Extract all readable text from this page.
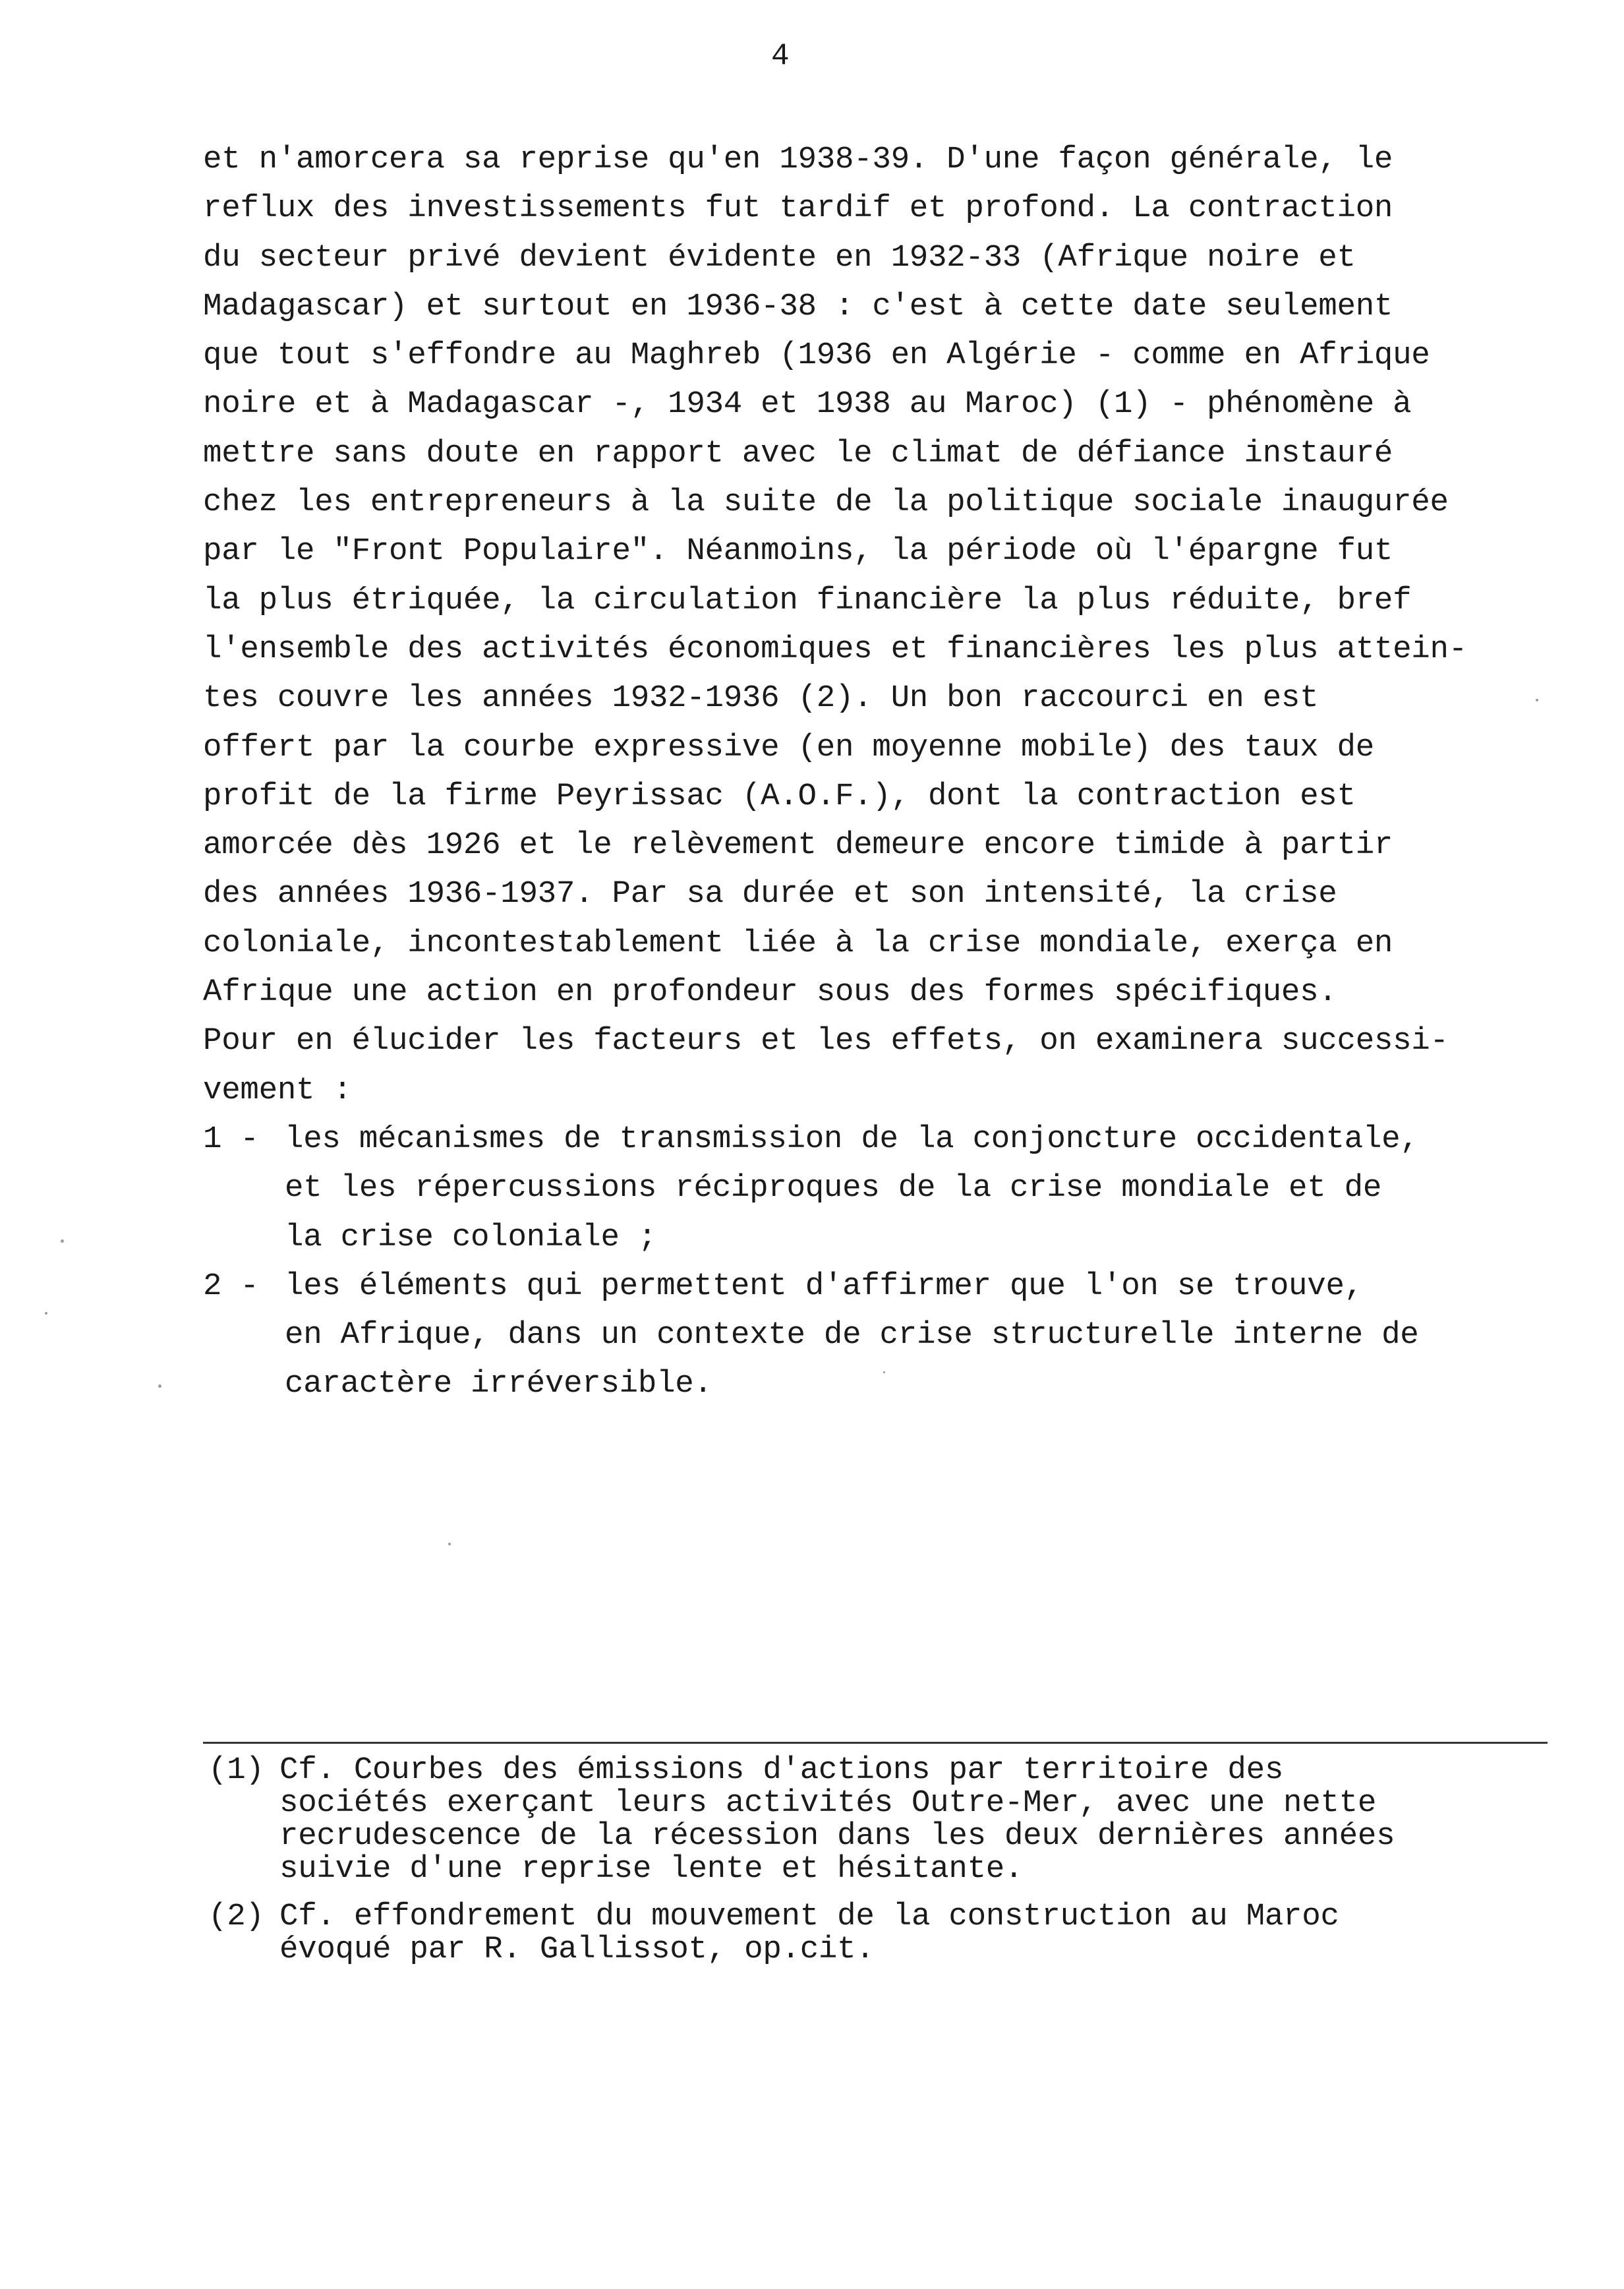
4
et n'amorcera sa reprise qu'en 1938-39. D'une façon générale, le
reflux des investissements fut tardif et profond. La contraction
du secteur privé devient évidente en 1932-33 (Afrique noire et
Madagascar) et surtout en 1936-38 : c'est à cette date seulement
que tout s'effondre au Maghreb (1936 en Algérie - comme en Afrique
noire et à Madagascar -, 1934 et 1938 au Maroc) (1) - phénomène à
mettre sans doute en rapport avec le climat de défiance instauré
chez les entrepreneurs à la suite de la politique sociale inaugurée
par le "Front Populaire". Néanmoins, la période où l'épargne fut
la plus étriquée, la circulation financière la plus réduite, bref
l'ensemble des activités économiques et financières les plus attein-
tes couvre les années 1932-1936 (2). Un bon raccourci en est
offert par la courbe expressive (en moyenne mobile) des taux de
profit de la firme Peyrissac (A.O.F.), dont la contraction est
amorcée dès 1926 et le relèvement demeure encore timide à partir
des années 1936-1937. Par sa durée et son intensité, la crise
coloniale, incontestablement liée à la crise mondiale, exerça en
Afrique une action en profondeur sous des formes spécifiques.
Pour en élucider les facteurs et les effets, on examinera successi-
vement :
1 - les mécanismes de transmission de la conjoncture occidentale,
et les répercussions réciproques de la crise mondiale et de
la crise coloniale ;
2 - les éléments qui permettent d'affirmer que l'on se trouve,
en Afrique, dans un contexte de crise structurelle interne de
caractère irréversible.
(1) Cf. Courbes des émissions d'actions par territoire des
sociétés exerçant leurs activités Outre-Mer, avec une nette
recrudescence de la récession dans les deux dernières années
suivie d'une reprise lente et hésitante.
(2) Cf. effondrement du mouvement de la construction au Maroc
évoqué par R. Gallissot, op.cit.
